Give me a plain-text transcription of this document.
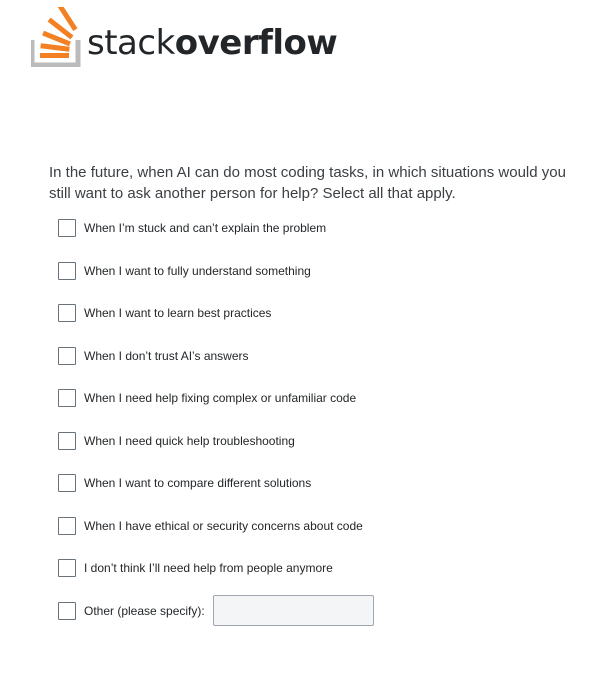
stackoverflow

In the future, when AI can do most coding tasks, in which situations would you still want to ask another person for help? Select all that apply.

When I’m stuck and can’t explain the problem
When I want to fully understand something
When I want to learn best practices
When I don’t trust AI’s answers
When I need help fixing complex or unfamiliar code
When I need quick help troubleshooting
When I want to compare different solutions
When I have ethical or security concerns about code
I don’t think I’ll need help from people anymore
Other (please specify):
